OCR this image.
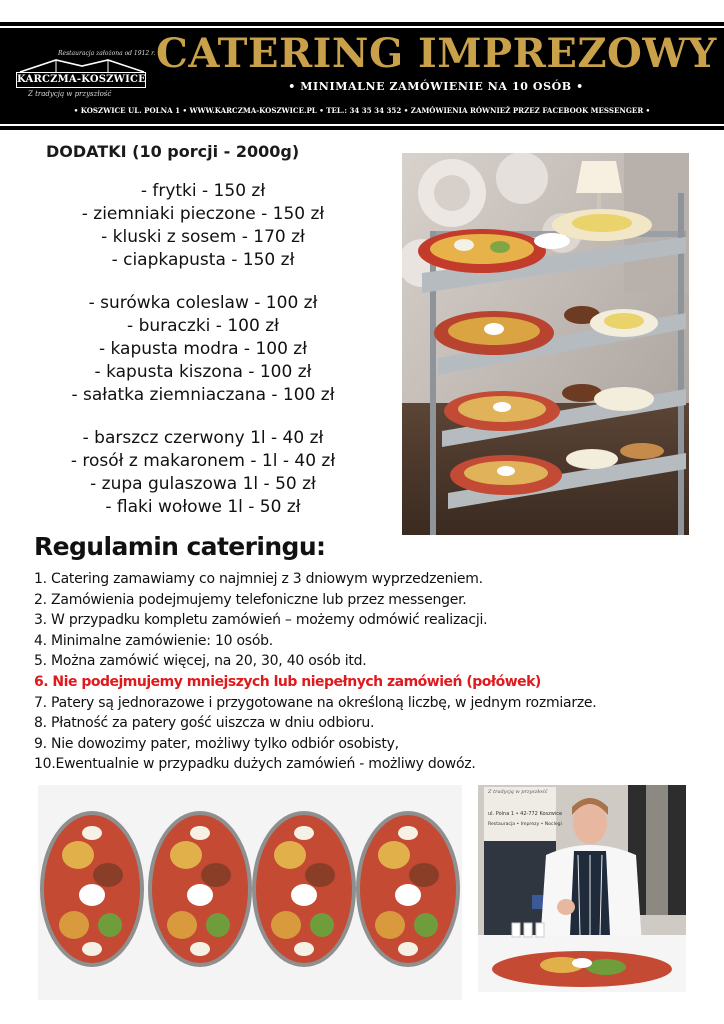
Restauracja założona od 1912 r.
KARCZMA-KOSZWICE
Z tradycją w przyszłość
CATERING IMPREZOWY
• MINIMALNE ZAMÓWIENIE NA 10 OSÓB •
• KOSZWICE UL. POLNA 1 • WWW.KARCZMA-KOSZWICE.PL • TEL.: 34 35 34 352 • ZAMÓWIENIA RÓWNIEŻ PRZEZ FACEBOOK MESSENGER •
DODATKI (10 porcji - 2000g)
- frytki - 150 zł
- ziemniaki pieczone - 150 zł
- kluski z sosem - 170 zł
- ciapkapusta - 150 zł
- surówka coleslaw - 100 zł
- buraczki - 100 zł
- kapusta modra - 100 zł
- kapusta kiszona - 100 zł
- sałatka ziemniaczana - 100 zł
- barszcz czerwony 1l - 40 zł
- rosół z makaronem - 1l - 40 zł
- zupa gulaszowa 1l - 50 zł
- flaki wołowe 1l - 50 zł
Regulamin cateringu:
1. Catering zamawiamy co najmniej z 3 dniowym wyprzedzeniem.
2. Zamówienia podejmujemy telefoniczne lub przez messenger.
3. W przypadku kompletu zamówień – możemy odmówić realizacji.
4. Minimalne zamówienie: 10 osób.
5. Można zamówić więcej, na 20, 30, 40 osób itd.
6. Nie podejmujemy mniejszych lub niepełnych zamówień (połówek)
7. Patery są jednorazowe i przygotowane na określoną liczbę, w jednym rozmiarze.
8. Płatność za patery gość uiszcza w dniu odbioru.
9. Nie dowozimy pater, możliwy tylko odbiór osobisty,
10.Ewentualnie w przypadku dużych zamówień - możliwy dowóz.
Z tradycją w przyszłość
ul. Polna 1 • 42-772 Koszwice
Restauracja • Imprezy • Noclegi
